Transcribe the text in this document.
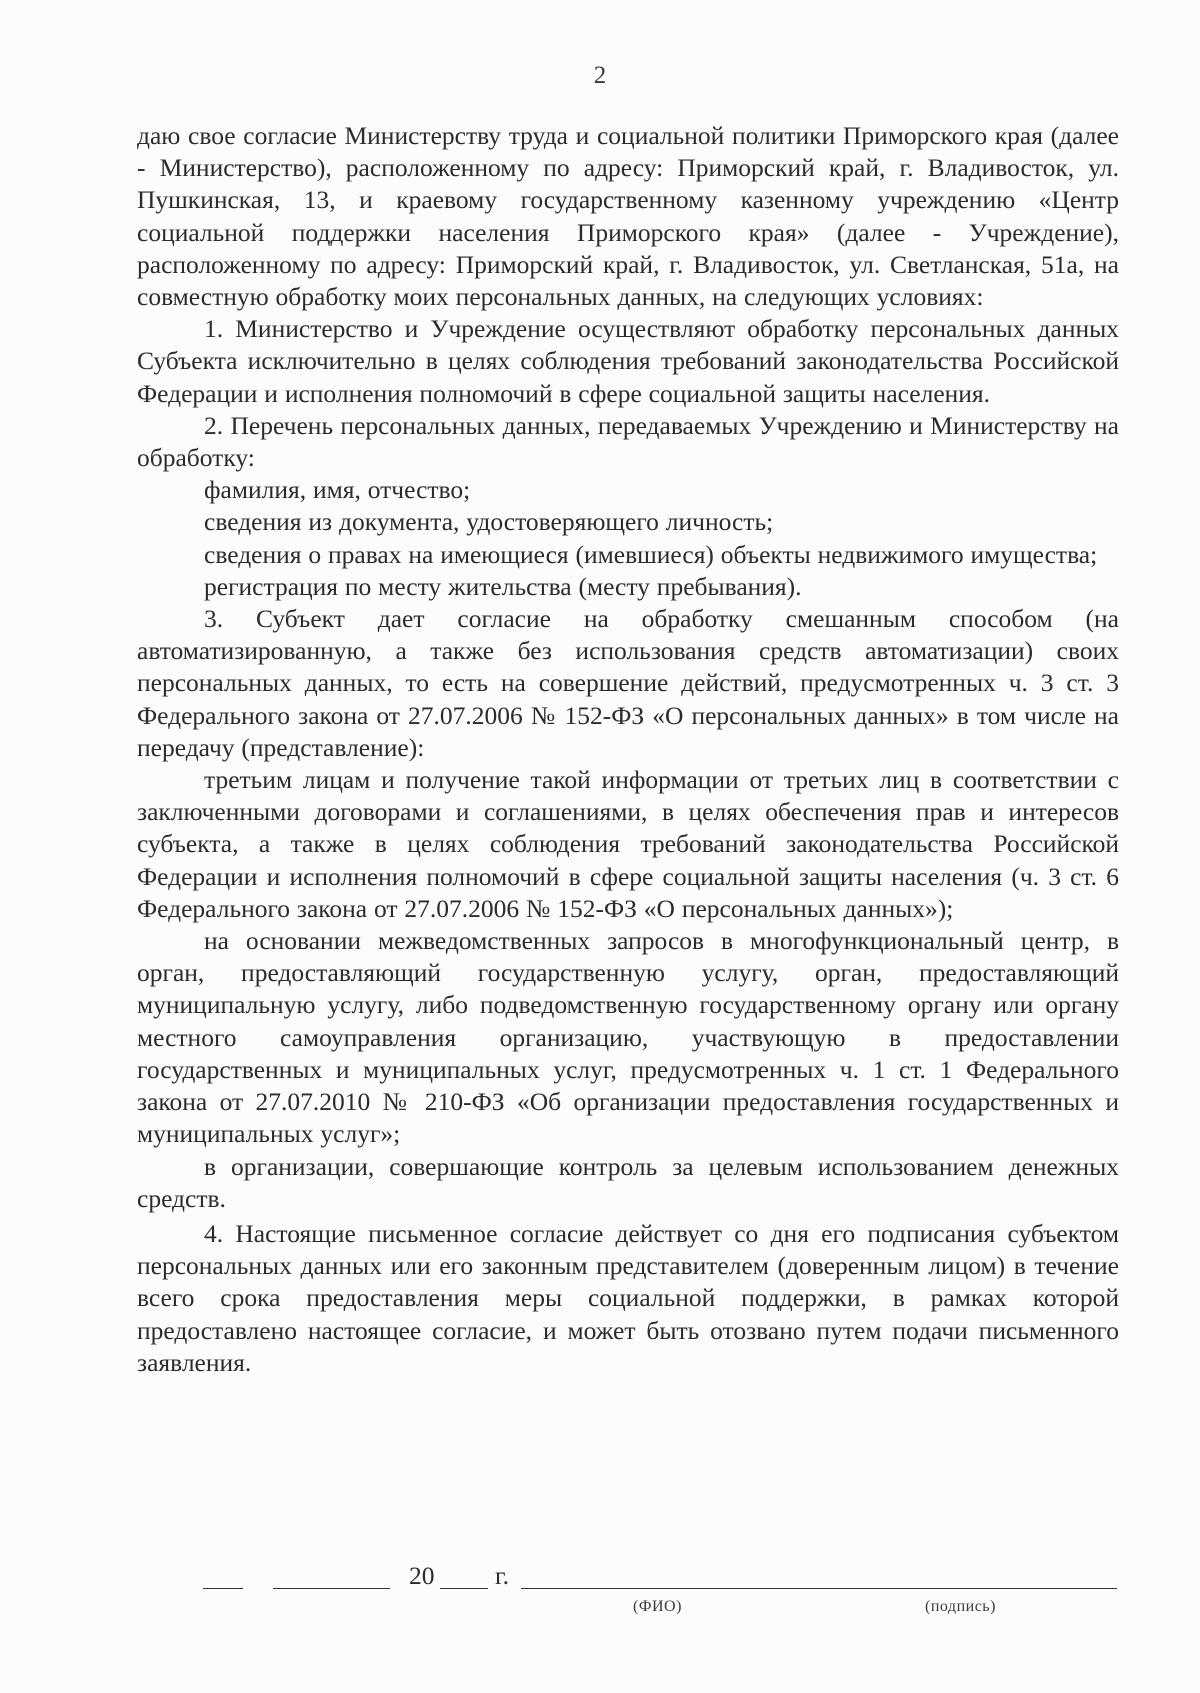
2

даю свое согласие Министерству труда и социальной политики Приморского края (далее - Министерство), расположенному по адресу: Приморский край, г. Владивосток, ул. Пушкинская, 13, и краевому государственному казенному учреждению «Центр социальной поддержки населения Приморского края» (далее - Учреждение), расположенному по адресу: Приморский край, г. Владивосток, ул. Светланская, 51а, на совместную обработку моих персональных данных, на следующих условиях:

1. Министерство и Учреждение осуществляют обработку персональных данных Субъекта исключительно в целях соблюдения требований законодательства Российской Федерации и исполнения полномочий в сфере социальной защиты населения.

2. Перечень персональных данных, передаваемых Учреждению и Министерству на обработку:

фамилия, имя, отчество;

сведения из документа, удостоверяющего личность;

сведения о правах на имеющиеся (имевшиеся) объекты недвижимого имущества;

регистрация по месту жительства (месту пребывания).

3. Субъект дает согласие на обработку смешанным способом (на автоматизированную, а также без использования средств автоматизации) своих персональных данных, то есть на совершение действий, предусмотренных ч. 3 ст. 3 Федерального закона от 27.07.2006 № 152-ФЗ «О персональных данных» в том числе на передачу (представление):

третьим лицам и получение такой информации от третьих лиц в соответствии с заключенными договорами и соглашениями, в целях обеспечения прав и интересов субъекта, а также в целях соблюдения требований законодательства Российской Федерации и исполнения полномочий в сфере социальной защиты населения (ч. 3 ст. 6 Федерального закона от 27.07.2006 № 152-ФЗ «О персональных данных»);

на основании межведомственных запросов в многофункциональный центр, в орган, предоставляющий государственную услугу, орган, предоставляющий муниципальную услугу, либо подведомственную государственному органу или органу местного самоуправления организацию, участвующую в предоставлении государственных и муниципальных услуг, предусмотренных ч. 1 ст. 1 Федерального закона от 27.07.2010 № 210-ФЗ «Об организации предоставления государственных и муниципальных услуг»;

в организации, совершающие контроль за целевым использованием денежных средств.

4. Настоящие письменное согласие действует со дня его подписания субъектом персональных данных или его законным представителем (доверенным лицом) в течение всего срока предоставления меры социальной поддержки, в рамках которой предоставлено настоящее согласие, и может быть отозвано путем подачи письменного заявления.

20 г.
(ФИО)	(подпись)
